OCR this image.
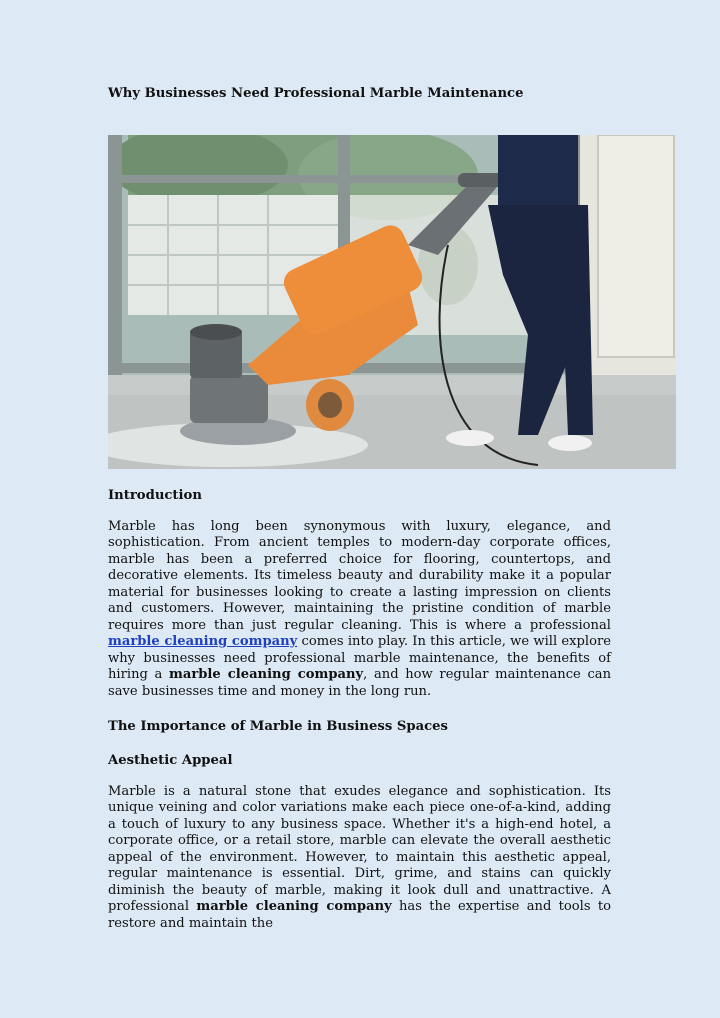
Why Businesses Need Professional Marble Maintenance
Introduction

Marble has long been synonymous with luxury, elegance, and sophistication. From ancient temples to modern-day corporate offices, marble has been a preferred choice for flooring, countertops, and decorative elements. Its timeless beauty and durability make it a popular material for businesses looking to create a lasting impression on clients and customers. However, maintaining the pristine condition of marble requires more than just regular cleaning. This is where a professional marble cleaning company comes into play. In this article, we will explore why businesses need professional marble maintenance, the benefits of hiring a marble cleaning company, and how regular maintenance can save businesses time and money in the long run.

The Importance of Marble in Business Spaces
Aesthetic Appeal

Marble is a natural stone that exudes elegance and sophistication. Its unique veining and color variations make each piece one-of-a-kind, adding a touch of luxury to any business space. Whether it's a high-end hotel, a corporate office, or a retail store, marble can elevate the overall aesthetic appeal of the environment. However, to maintain this aesthetic appeal, regular maintenance is essential. Dirt, grime, and stains can quickly diminish the beauty of marble, making it look dull and unattractive. A professional marble cleaning company has the expertise and tools to restore and maintain the
